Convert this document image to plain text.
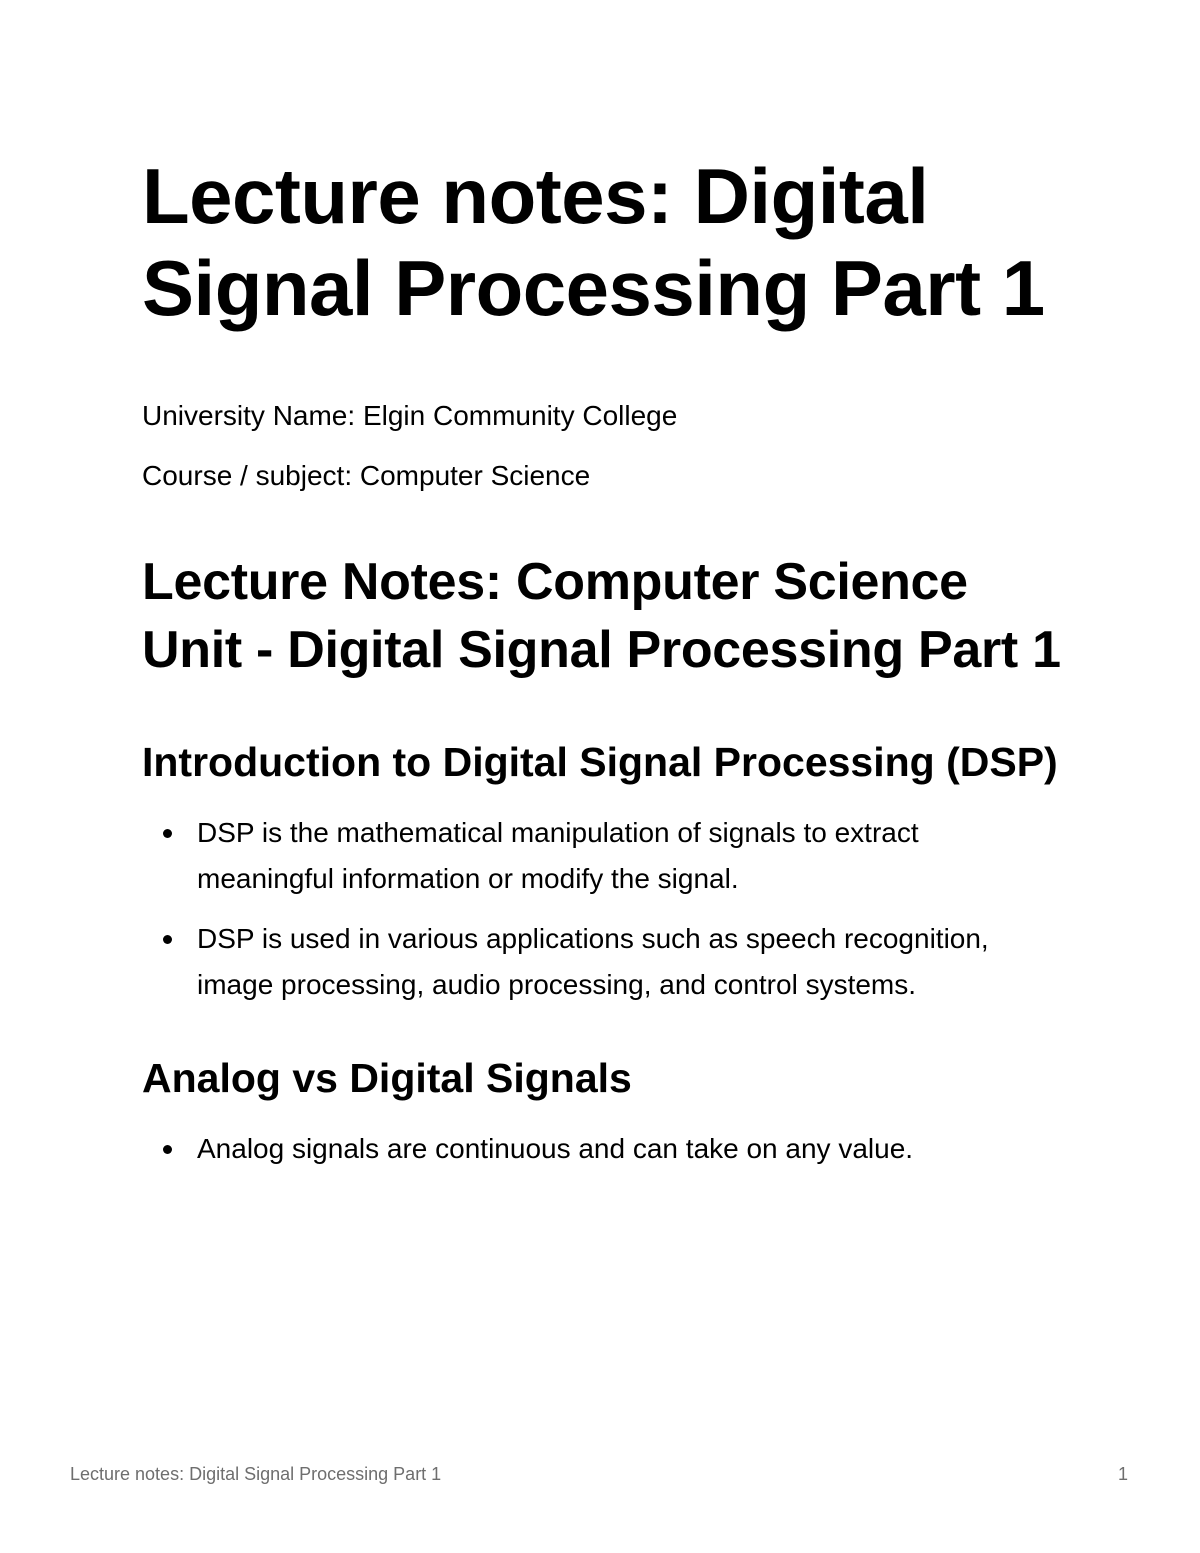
Lecture notes: Digital Signal Processing Part 1

University Name: Elgin Community College

Course / subject: Computer Science

Lecture Notes: Computer Science Unit - Digital Signal Processing Part 1
Introduction to Digital Signal Processing (DSP)
DSP is the mathematical manipulation of signals to extract meaningful information or modify the signal.
DSP is used in various applications such as speech recognition, image processing, audio processing, and control systems.
Analog vs Digital Signals
Analog signals are continuous and can take on any value.
Lecture notes: Digital Signal Processing Part 1	1
